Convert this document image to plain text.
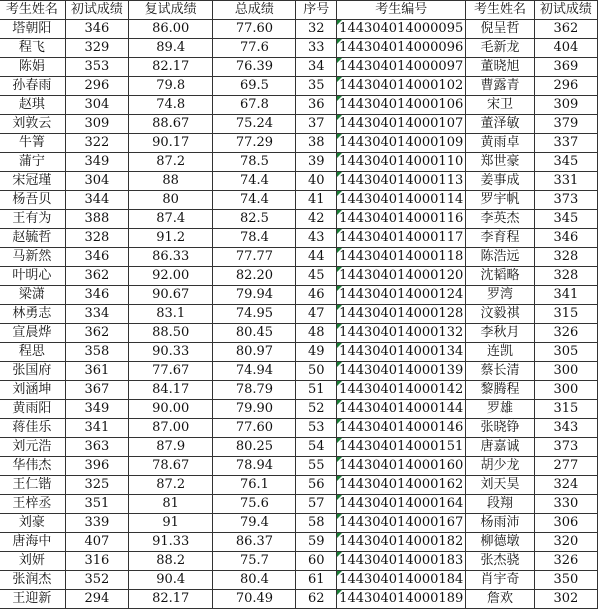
考生姓名	初试成绩	复试成绩	总成绩	序号	考生编号	考生姓名	初试成绩
塔朝阳	346	86.00	77.60	32	144304014000095	倪呈哲	362
程飞	329	89.4	77.6	33	144304014000096	毛新龙	404
陈娟	353	82.17	76.39	34	144304014000097	董晓旭	369
孙春雨	296	79.8	69.5	35	144304014000102	曹露青	296
赵琪	304	74.8	67.8	36	144304014000106	宋卫	309
刘敦云	309	88.67	75.24	37	144304014000107	董泽敏	379
牛箐	322	90.17	77.29	38	144304014000109	黄雨卓	337
蒲宁	349	87.2	78.5	39	144304014000110	郑世豪	345
宋冠瑾	304	88	74.4	40	144304014000113	姜事成	331
杨吾贝	344	80	74.4	41	144304014000114	罗宇帆	373
王有为	388	87.4	82.5	42	144304014000116	李英杰	345
赵毓哲	328	91.2	78.4	43	144304014000117	李育程	346
马新然	346	86.33	77.77	44	144304014000118	陈浩远	328
叶明心	362	92.00	82.20	45	144304014000120	沈韬略	328
梁潇	346	90.67	79.94	46	144304014000124	罗湾	341
林勇志	334	83.1	74.95	47	144304014000128	汶毅祺	315
宣晨烨	362	88.50	80.45	48	144304014000132	李秋月	326
程思	358	90.33	80.97	49	144304014000134	连凯	305
张国府	361	77.67	74.94	50	144304014000139	蔡长清	300
刘涵坤	367	84.17	78.79	51	144304014000142	黎腾程	300
黄雨阳	349	90.00	79.90	52	144304014000144	罗雄	315
蒋佳乐	341	87.00	77.60	53	144304014000146	张晓铮	343
刘元浩	363	87.9	80.25	54	144304014000151	唐嘉诚	373
华伟杰	396	78.67	78.94	55	144304014000160	胡少龙	277
王仁锴	325	87.2	76.1	56	144304014000162	刘天昊	324
王梓丞	351	81	75.6	57	144304014000164	段翔	330
刘豪	339	91	79.4	58	144304014000167	杨雨沛	306
唐海中	407	91.33	86.37	59	144304014000182	柳德墩	320
刘妍	316	88.2	75.7	60	144304014000183	张杰骁	326
张润杰	352	90.4	80.4	61	144304014000184	肖宇奇	350
王迎新	294	82.17	70.49	62	144304014000189	詹欢	302
